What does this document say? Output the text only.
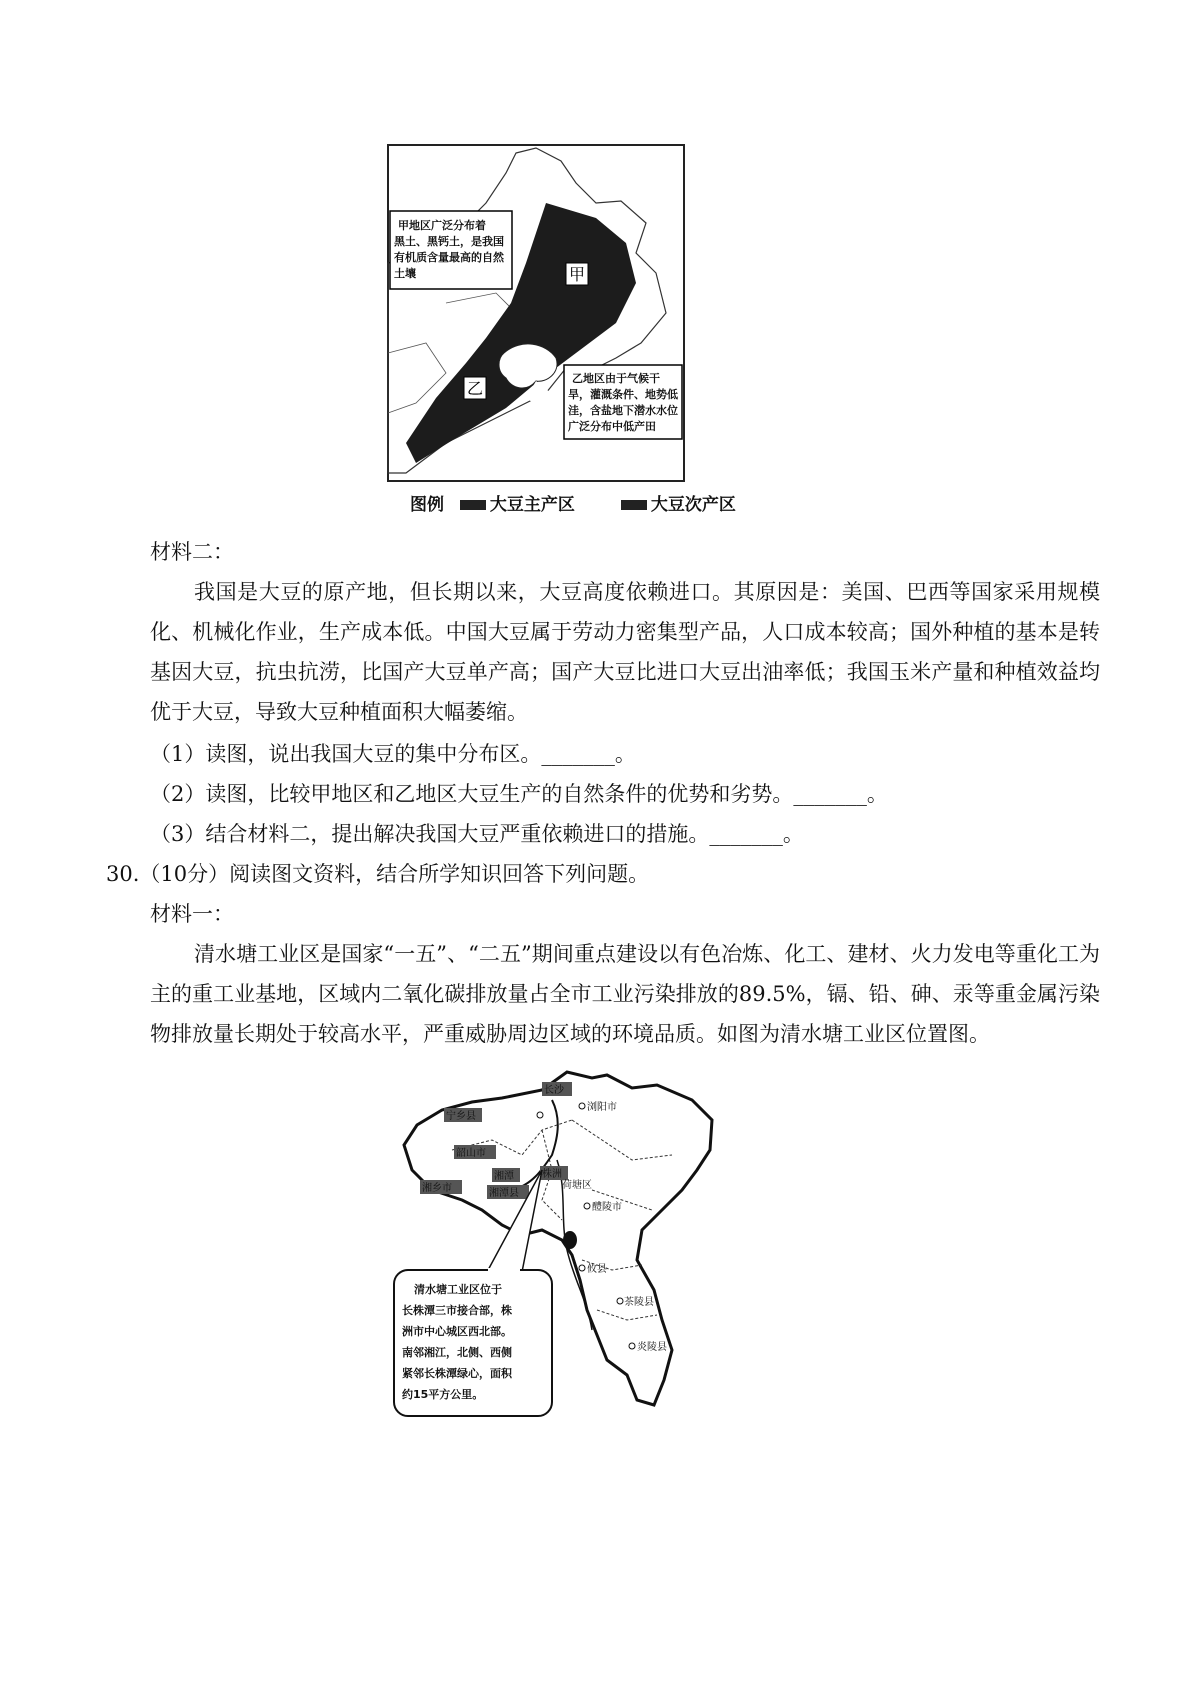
甲
乙
甲地区广泛分布着
黑土、黑钙土，是我国
有机质含量最高的自然
土壤
乙地区由于气候干
旱，灌溉条件、地势低
洼，含盐地下潜水水位
广泛分布中低产田
图例	大豆主产区	大豆次产区
材料二：
我国是大豆的原产地，但长期以来，大豆高度依赖进口。其原因是：美国、巴西等国家采用规模化、机械化作业，生产成本低。中国大豆属于劳动力密集型产品，人口成本较高；国外种植的基本是转基因大豆，抗虫抗涝，比国产大豆单产高；国产大豆比进口大豆出油率低；我国玉米产量和种植效益均优于大豆，导致大豆种植面积大幅萎缩。
（1）读图，说出我国大豆的集中分布区。_______。
（2）读图，比较甲地区和乙地区大豆生产的自然条件的优势和劣势。_______。
（3）结合材料二，提出解决我国大豆严重依赖进口的措施。_______。
30.（10分）阅读图文资料，结合所学知识回答下列问题。
材料一：
清水塘工业区是国家“一五”、“二五”期间重点建设以有色冶炼、化工、建材、火力发电等重化工为主的重工业基地，区域内二氧化碳排放量占全市工业污染排放的89.5%，镉、铅、砷、汞等重金属污染物排放量长期处于较高水平，严重威胁周边区域的环境品质。如图为清水塘工业区位置图。
宁乡县
长沙
浏阳市
韶山市
湘潭	株洲
湘乡市	湘潭县
荷塘区
醴陵市
攸县
茶陵县
炎陵县
清水塘工业区位于
长株潭三市接合部，株
洲市中心城区西北部。
南邻湘江，北侧、西侧
紧邻长株潭绿心，面积
约15平方公里。
